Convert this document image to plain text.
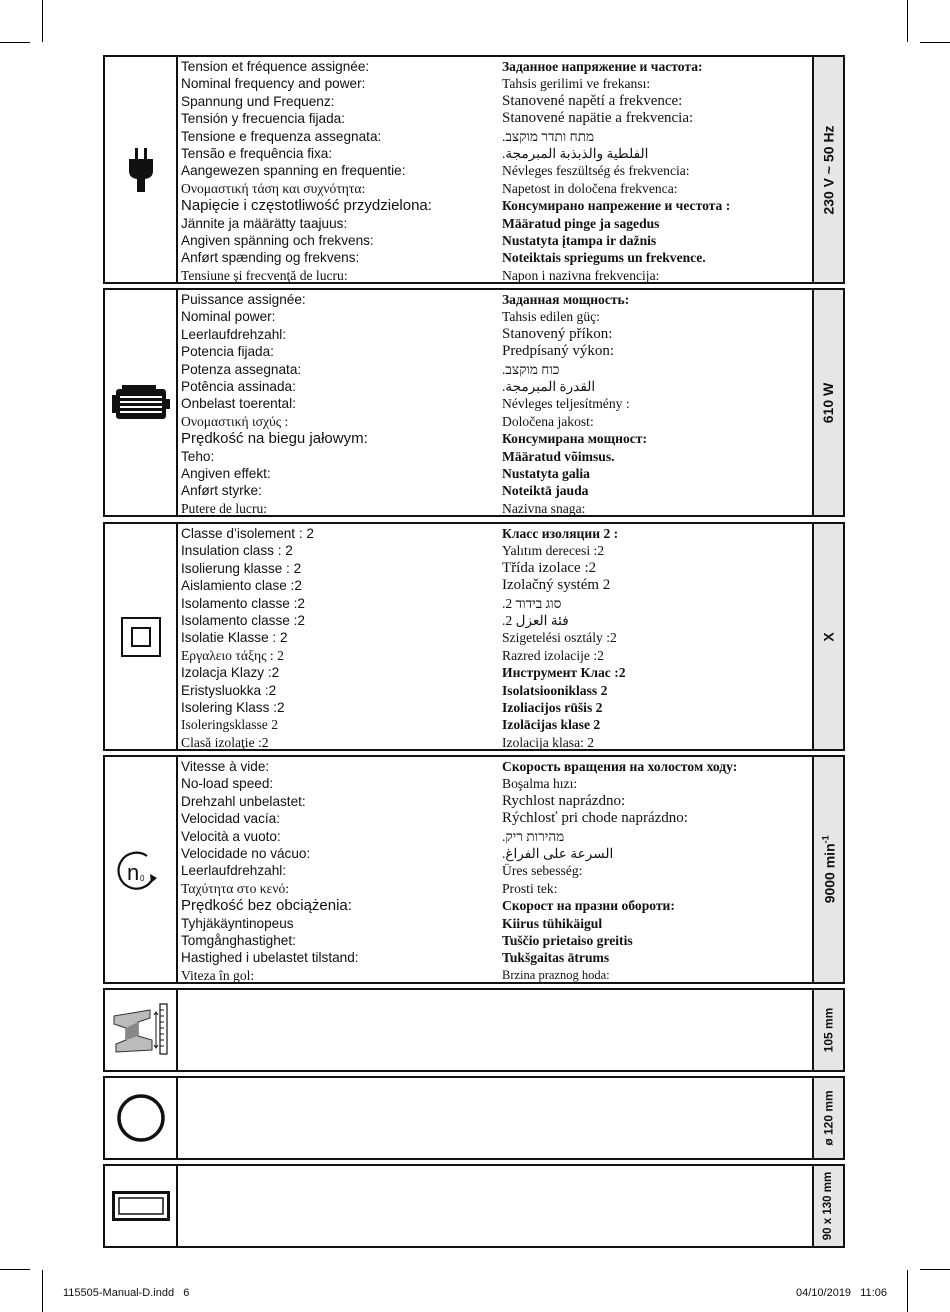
Tension et fréquence assignée:
Nominal frequency and power:
Spannung und Frequenz:
Tensión y frecuencia fijada:
Tensione e frequenza assegnata:
Tensão e frequência fixa:
Aangewezen spanning en frequentie:
Ονομαστική τάση και συχνότητα:
Napięcie i częstotliwość przydzielona:
Jännite ja määrätty taajuus:
Angiven spänning och frekvens:
Anført spænding og frekvens:
Tensiune şi frecvenţă de lucru:
Заданное напряжение и частота:
Tahsis gerilimi ve frekansı:
Stanovené napětí a frekvence:
Stanovené napätie a frekvencia:
מתח ותדר מוקצב.
الفلطية والذبذبة المبرمجة.
Névleges feszültség és frekvencia:
Napetost in določena frekvenca:
Консумирано напрежение и честота :
Määratud pinge ja sagedus
Nustatyta įtampa ir dažnis
Noteiktais spriegums un frekvence.
Napon i nazivna frekvencija:
230 V ~ 50 Hz
Puissance assignée:
Nominal power:
Leerlaufdrehzahl:
Potencia fijada:
Potenza assegnata:
Potência assinada:
Onbelast toerental:
Ονομαστική ισχύς :
Prędkość na biegu jałowym:
Teho:
Angiven effekt:
Anført styrke:
Putere de lucru:
Заданная мощность:
Tahsis edilen güç:
Stanovený příkon:
Predpísaný výkon:
כוח מוקצב.
القدرة المبرمجة.
Névleges teljesítmény :
Določena jakost:
Консумирана мощност:
Määratud võimsus.
Nustatyta galia
Noteiktā jauda
Nazivna snaga:
610 W
Classe d’isolement : 2
Insulation class : 2
Isolierung klasse : 2
Aislamiento clase :2
Isolamento classe :2
Isolamento classe :2
Isolatie Klasse : 2
Εργαλειο τάξης : 2
Izolacja Klazy :2
Eristysluokka :2
Isolering Klass :2
Isoleringsklasse 2
Clasă izolaţie :2
Класс изоляции 2 :
Yalıtım derecesi :2
Třída izolace :2
Izolačný systém 2
סוג בידוד 2.
فئة العزل 2.
Szigetelési osztály :2
Razred izolacije :2
Инструмент Клас :2
Isolatsiooniklass 2
Izoliacijos rūšis 2
Izolācijas klase 2
Izolacija klasa: 2
X
n 0
Vitesse à vide:
No-load speed:
Drehzahl unbelastet:
Velocidad vacía:
Velocità a vuoto:
Velocidade no vácuo:
Leerlaufdrehzahl:
Ταχύτητα στο κενό:
Prędkość bez obciążenia:
Tyhjäkäyntinopeus
Tomgånghastighet:
Hastighed i ubelastet tilstand:
Viteza în gol:
Скорость вращения на холостом ходу:
Boşalma hızı:
Rychlost naprázdno:
Rýchlosť pri chode naprázdno:
מהירות ריק.
السرعة على الفراغ.
Üres sebesség:
Prosti tek:
Скорост на празни обороти:
Kiirus tühikäigul
Tuščio prietaiso greitis
Tukšgaitas ātrums
Brzina praznog hoda:
9000 $\min^{-1}$
105 mm
ø 120 mm
90 x 130 mm
115505-Manual-D.indd   6	04/10/2019   11:06
